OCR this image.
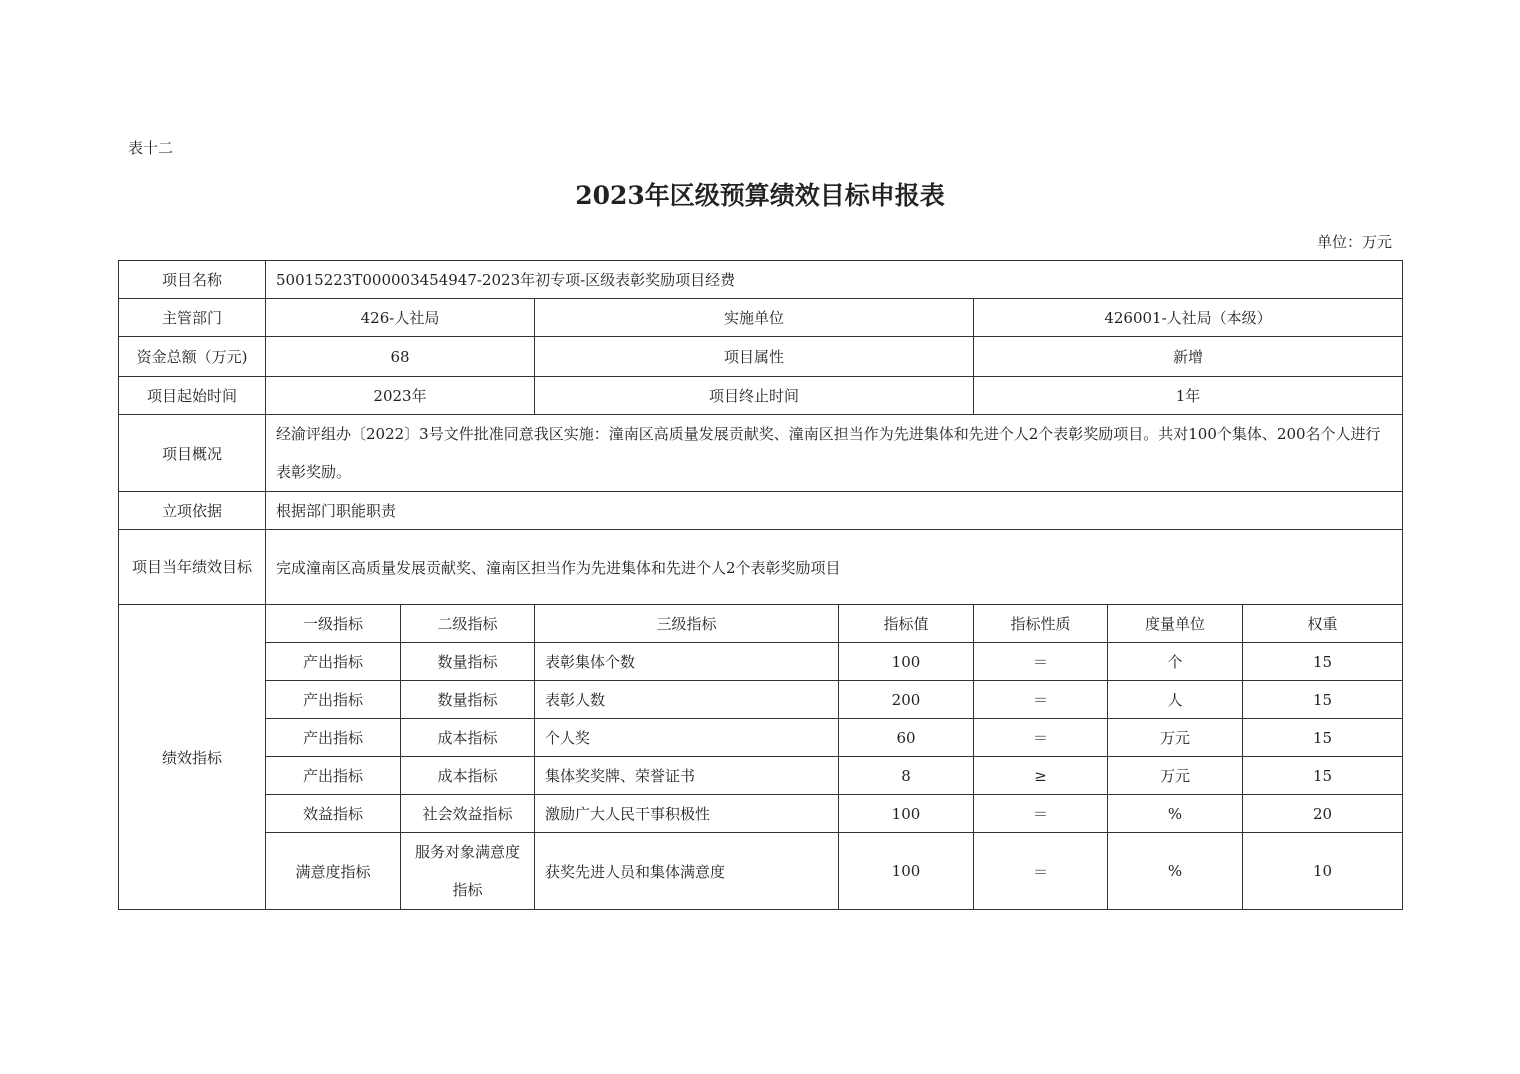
表十二
2023年区级预算绩效目标申报表
单位：万元
项目名称	50015223T000003454947-2023年初专项-区级表彰奖励项目经费						
主管部门	426-人社局		实施单位		426001-人社局（本级）		
资金总额（万元)	68		项目属性		新增		
项目起始时间	2023年		项目终止时间		1年		
项目概况	经渝评组办〔2022〕3号文件批准同意我区实施：潼南区高质量发展贡献奖、潼南区担当作为先进集体和先进个人2个表彰奖励项目。共对100个集体、200名个人进行表彰奖励。						
立项依据	根据部门职能职责						
项目当年绩效目标	完成潼南区高质量发展贡献奖、潼南区担当作为先进集体和先进个人2个表彰奖励项目						
绩效指标	一级指标	二级指标	三级指标	指标值	指标性质	度量单位	权重
	产出指标	数量指标	表彰集体个数	100	＝	个	15
	产出指标	数量指标	表彰人数	200	＝	人	15
	产出指标	成本指标	个人奖	60	＝	万元	15
	产出指标	成本指标	集体奖奖牌、荣誉证书	8	≥	万元	15
	效益指标	社会效益指标	激励广大人民干事积极性	100	＝	%	20
	满意度指标	服务对象满意度指标	获奖先进人员和集体满意度	100	＝	%	10
